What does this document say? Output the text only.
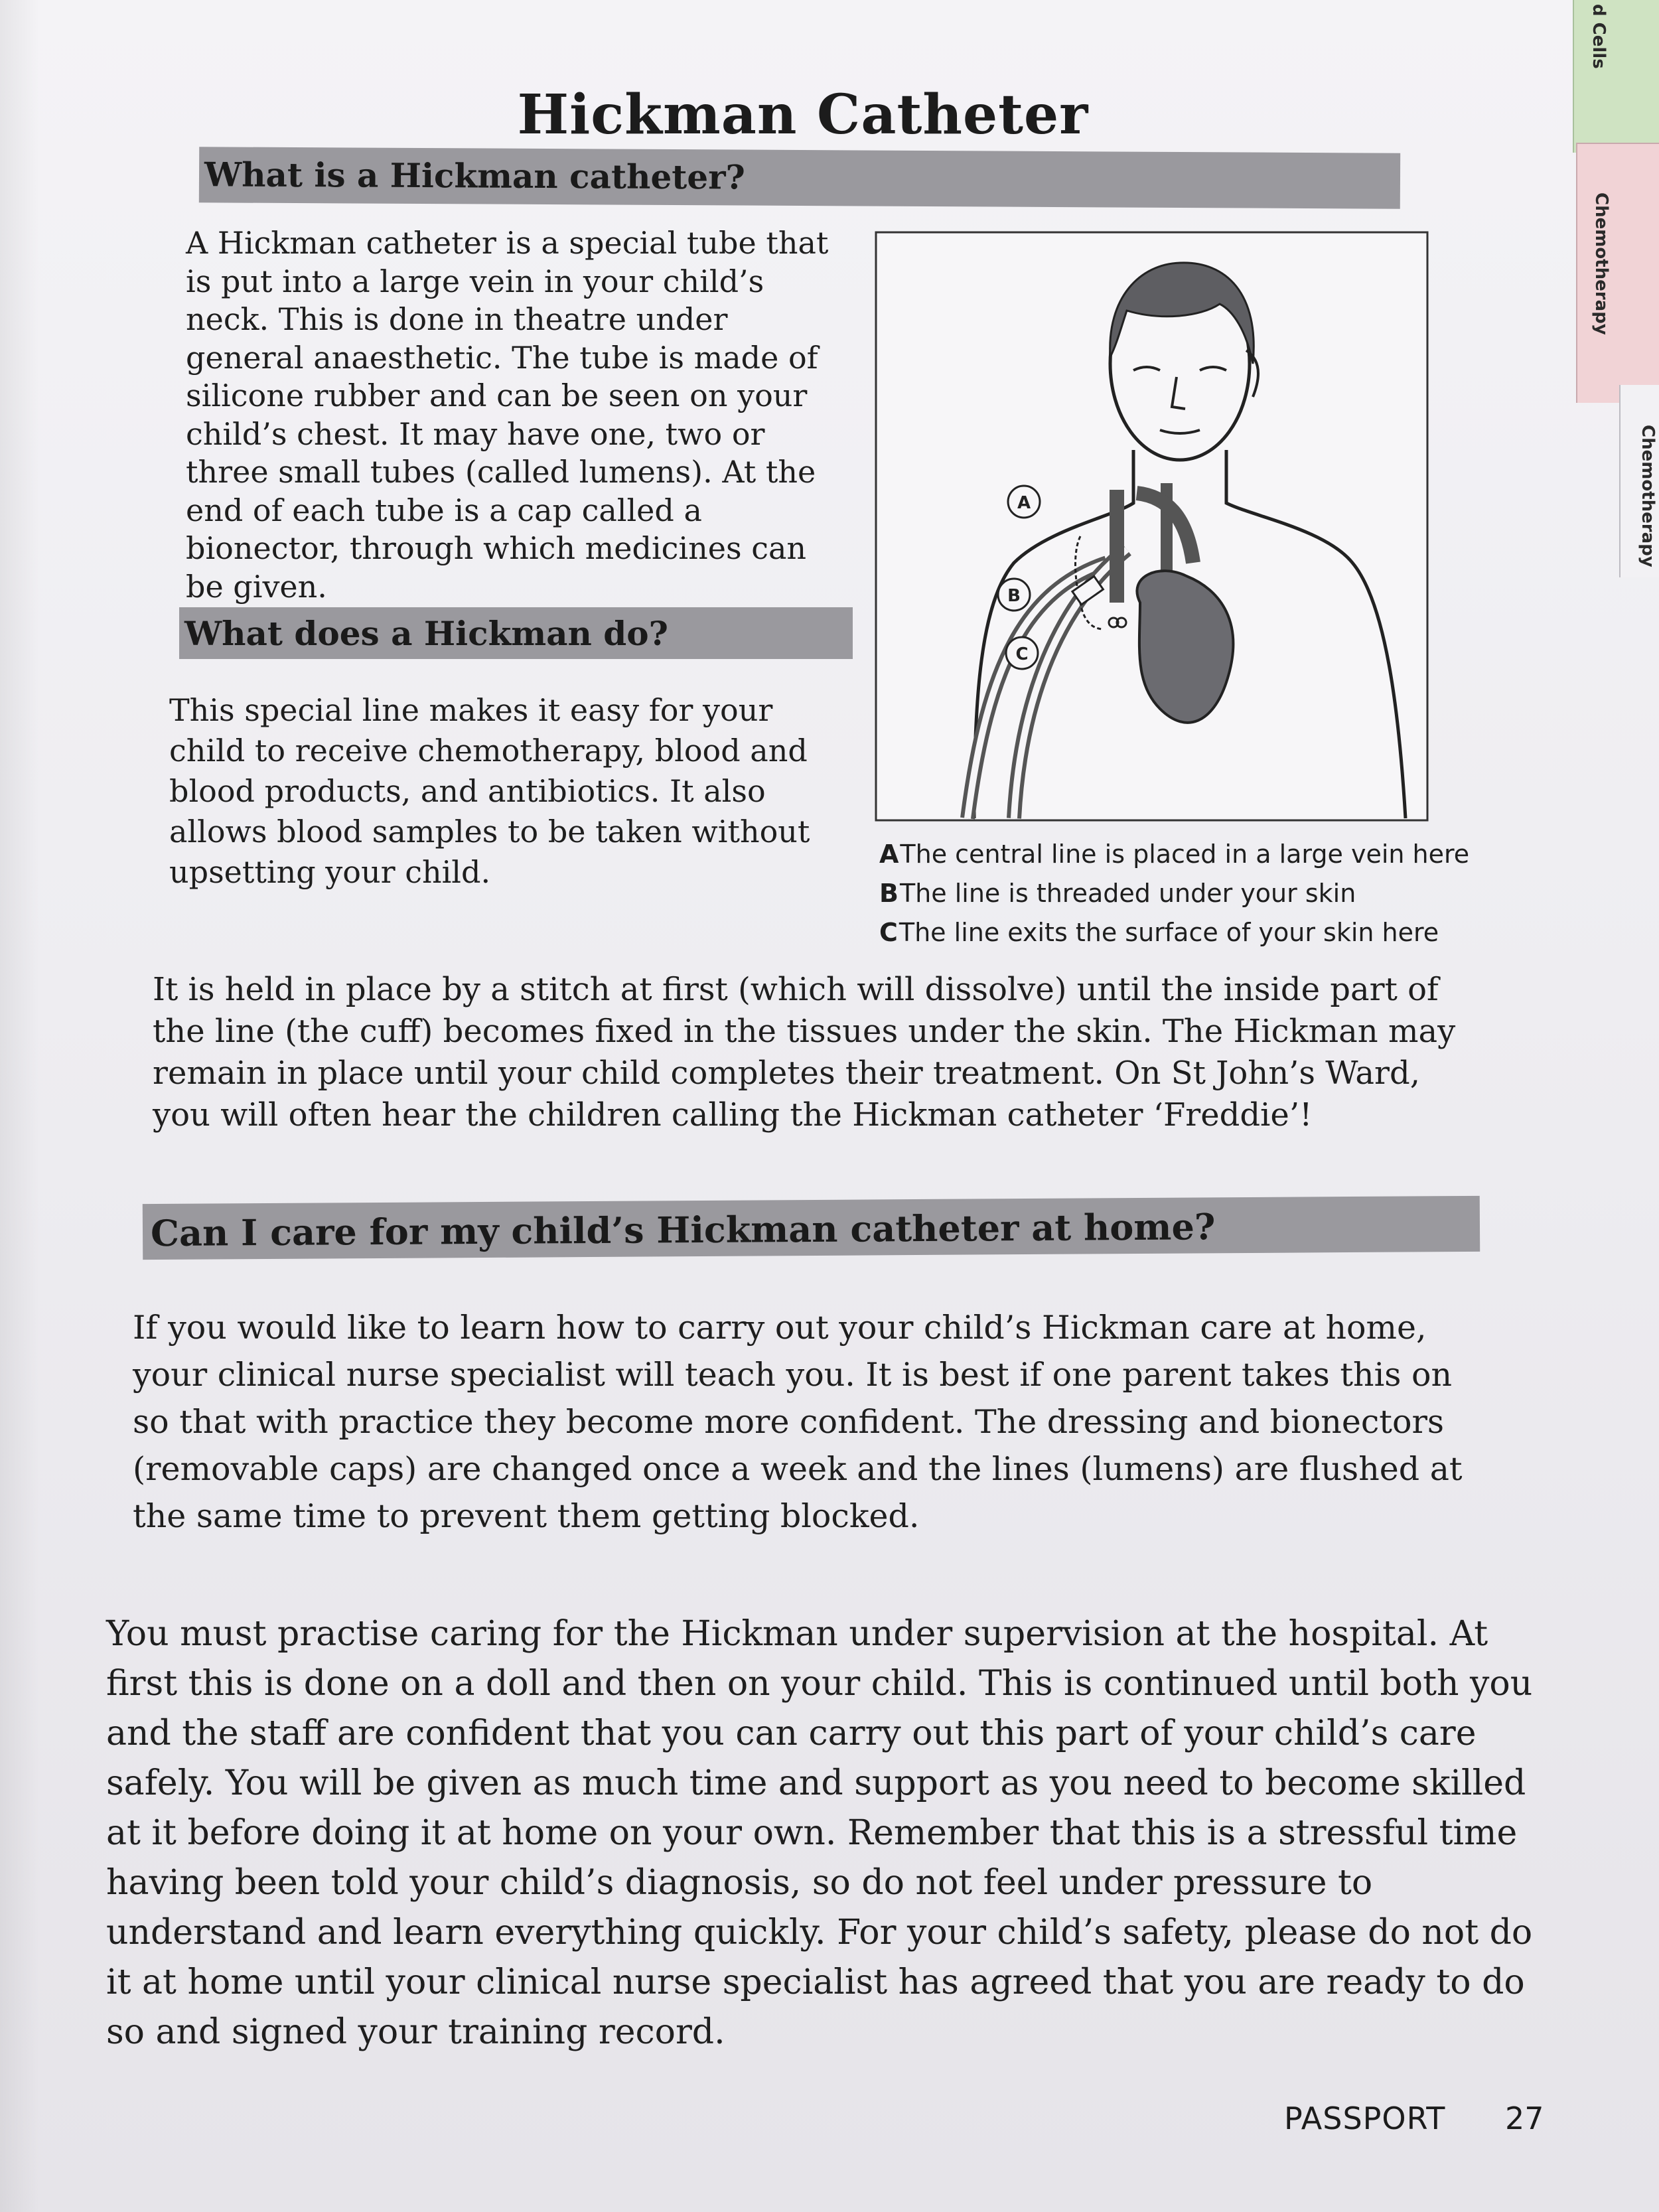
d Cells
Chemotherapy
Chemotherapy
Hickman Catheter
What is a Hickman catheter?

A Hickman catheter is a special tube that is put into a large vein in your child’s neck. This is done in theatre under general anaesthetic. The tube is made of silicone rubber and can be seen on your child’s chest. It may have one, two or three small tubes (called lumens). At the end of each tube is a cap called a bionector, through which medicines can be given.

What does a Hickman do?

This special line makes it easy for your child to receive chemotherapy, blood and blood products, and antibiotics. It also allows blood samples to be taken without upsetting your child.

A
B
C
AThe central line is placed in a large vein here
BThe line is threaded under your skin
CThe line exits the surface of your skin here

It is held in place by a stitch at first (which will dissolve) until the inside part of the line (the cuff) becomes fixed in the tissues under the skin. The Hickman may remain in place until your child completes their treatment. On St John’s Ward, you will often hear the children calling the Hickman catheter ‘Freddie’!

Can I care for my child’s Hickman catheter at home?

If you would like to learn how to carry out your child’s Hickman care at home, your clinical nurse specialist will teach you. It is best if one parent takes this on so that with practice they become more confident. The dressing and bionectors (removable caps) are changed once a week and the lines (lumens) are flushed at the same time to prevent them getting blocked.

You must practise caring for the Hickman under supervision at the hospital. At first this is done on a doll and then on your child. This is continued until both you and the staff are confident that you can carry out this part of your child’s care safely. You will be given as much time and support as you need to become skilled at it before doing it at home on your own. Remember that this is a stressful time having been told your child’s diagnosis, so do not feel under pressure to understand and learn everything quickly. For your child’s safety, please do not do it at home until your clinical nurse specialist has agreed that you are ready to do so and signed your training record.

PASSPORT 27
